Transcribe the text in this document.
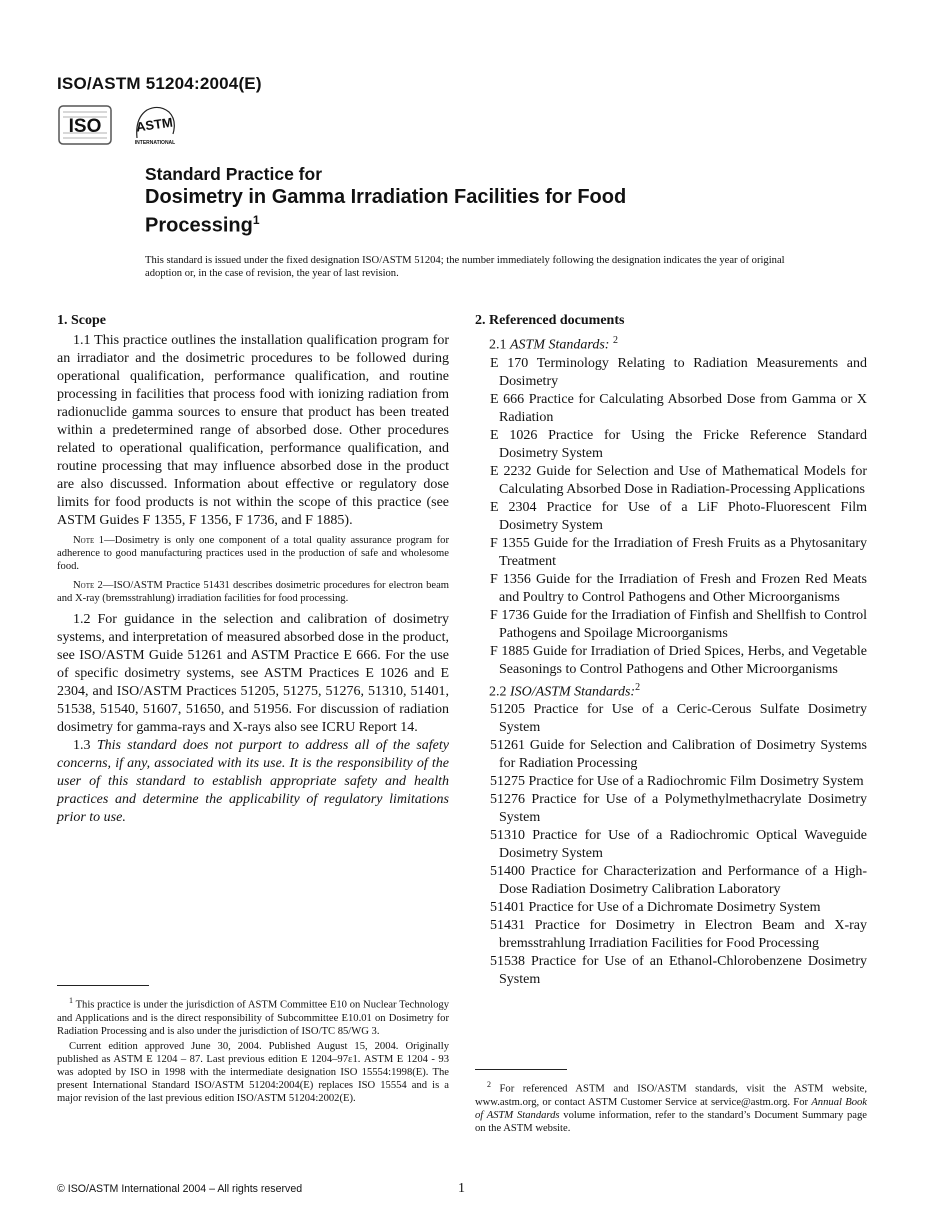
ISO/ASTM 51204:2004(E)
ISO	ASTM
INTERNATIONAL
Standard Practice for
Dosimetry in Gamma Irradiation Facilities for Food
Processing$^1$
This standard is issued under the fixed designation ISO/ASTM 51204; the number immediately following the designation indicates the year of original adoption or, in the case of revision, the year of last revision.
1. Scope

1.1 This practice outlines the installation qualification program for an irradiator and the dosimetric procedures to be followed during operational qualification, performance qualification, and routine processing in facilities that process food with ionizing radiation from radionuclide gamma sources to ensure that product has been treated within a predetermined range of absorbed dose. Other procedures related to operational qualification, performance qualification, and routine processing that may influence absorbed dose in the product are also discussed. Information about effective or regulatory dose limits for food products is not within the scope of this practice (see ASTM Guides F 1355, F 1356, F 1736, and F 1885).

Note 1—Dosimetry is only one component of a total quality assurance program for adherence to good manufacturing practices used in the production of safe and wholesome food.
Note 2—ISO/ASTM Practice 51431 describes dosimetric procedures for electron beam and X-ray (bremsstrahlung) irradiation facilities for food processing.

1.2 For guidance in the selection and calibration of dosimetry systems, and interpretation of measured absorbed dose in the product, see ISO/ASTM Guide 51261 and ASTM Practice E 666. For the use of specific dosimetry systems, see ASTM Practices E 1026 and E 2304, and ISO/ASTM Practices 51205, 51275, 51276, 51310, 51401, 51538, 51540, 51607, 51650, and 51956. For discussion of radiation dosimetry for gamma-rays and X-rays also see ICRU Report 14.

1.3 This standard does not purport to address all of the safety concerns, if any, associated with its use. It is the responsibility of the user of this standard to establish appropriate safety and health practices and determine the applicability of regulatory limitations prior to use.

2. Referenced documents
2.1 ASTM Standards: $^2$

E 170 Terminology Relating to Radiation Measurements and Dosimetry

E 666 Practice for Calculating Absorbed Dose from Gamma or X Radiation

E 1026 Practice for Using the Fricke Reference Standard Dosimetry System

E 2232 Guide for Selection and Use of Mathematical Models for Calculating Absorbed Dose in Radiation-Processing Applications

E 2304 Practice for Use of a LiF Photo-Fluorescent Film Dosimetry System

F 1355 Guide for the Irradiation of Fresh Fruits as a Phytosanitary Treatment

F 1356 Guide for the Irradiation of Fresh and Frozen Red Meats and Poultry to Control Pathogens and Other Microorganisms

F 1736 Guide for the Irradiation of Finfish and Shellfish to Control Pathogens and Spoilage Microorganisms

F 1885 Guide for Irradiation of Dried Spices, Herbs, and Vegetable Seasonings to Control Pathogens and Other Microorganisms

2.2 ISO/ASTM Standards:$^2$

51205 Practice for Use of a Ceric-Cerous Sulfate Dosimetry System

51261 Guide for Selection and Calibration of Dosimetry Systems for Radiation Processing

51275 Practice for Use of a Radiochromic Film Dosimetry System

51276 Practice for Use of a Polymethylmethacrylate Dosimetry System

51310 Practice for Use of a Radiochromic Optical Waveguide Dosimetry System

51400 Practice for Characterization and Performance of a High-Dose Radiation Dosimetry Calibration Laboratory

51401 Practice for Use of a Dichromate Dosimetry System

51431 Practice for Dosimetry in Electron Beam and X-ray bremsstrahlung Irradiation Facilities for Food Processing

51538 Practice for Use of an Ethanol-Chlorobenzene Dosimetry System

$^1$ This practice is under the jurisdiction of ASTM Committee E10 on Nuclear Technology and Applications and is the direct responsibility of Subcommittee E10.01 on Dosimetry for Radiation Processing and is also under the jurisdiction of ISO/TC 85/WG 3.

Current edition approved June 30, 2004. Published August 15, 2004. Originally published as ASTM E 1204 – 87. Last previous edition E 1204–97ε1. ASTM E 1204 - 93 was adopted by ISO in 1998 with the intermediate designation ISO 15554:1998(E). The present International Standard ISO/ASTM 51204:2004(E) replaces ISO 15554 and is a major revision of the last previous edition ISO/ASTM 51204:2002(E).

$^2$ For referenced ASTM and ISO/ASTM standards, visit the ASTM website, www.astm.org, or contact ASTM Customer Service at service@astm.org. For Annual Book of ASTM Standards volume information, refer to the standard’s Document Summary page on the ASTM website.

© ISO/ASTM International 2004 – All rights reserved	1
